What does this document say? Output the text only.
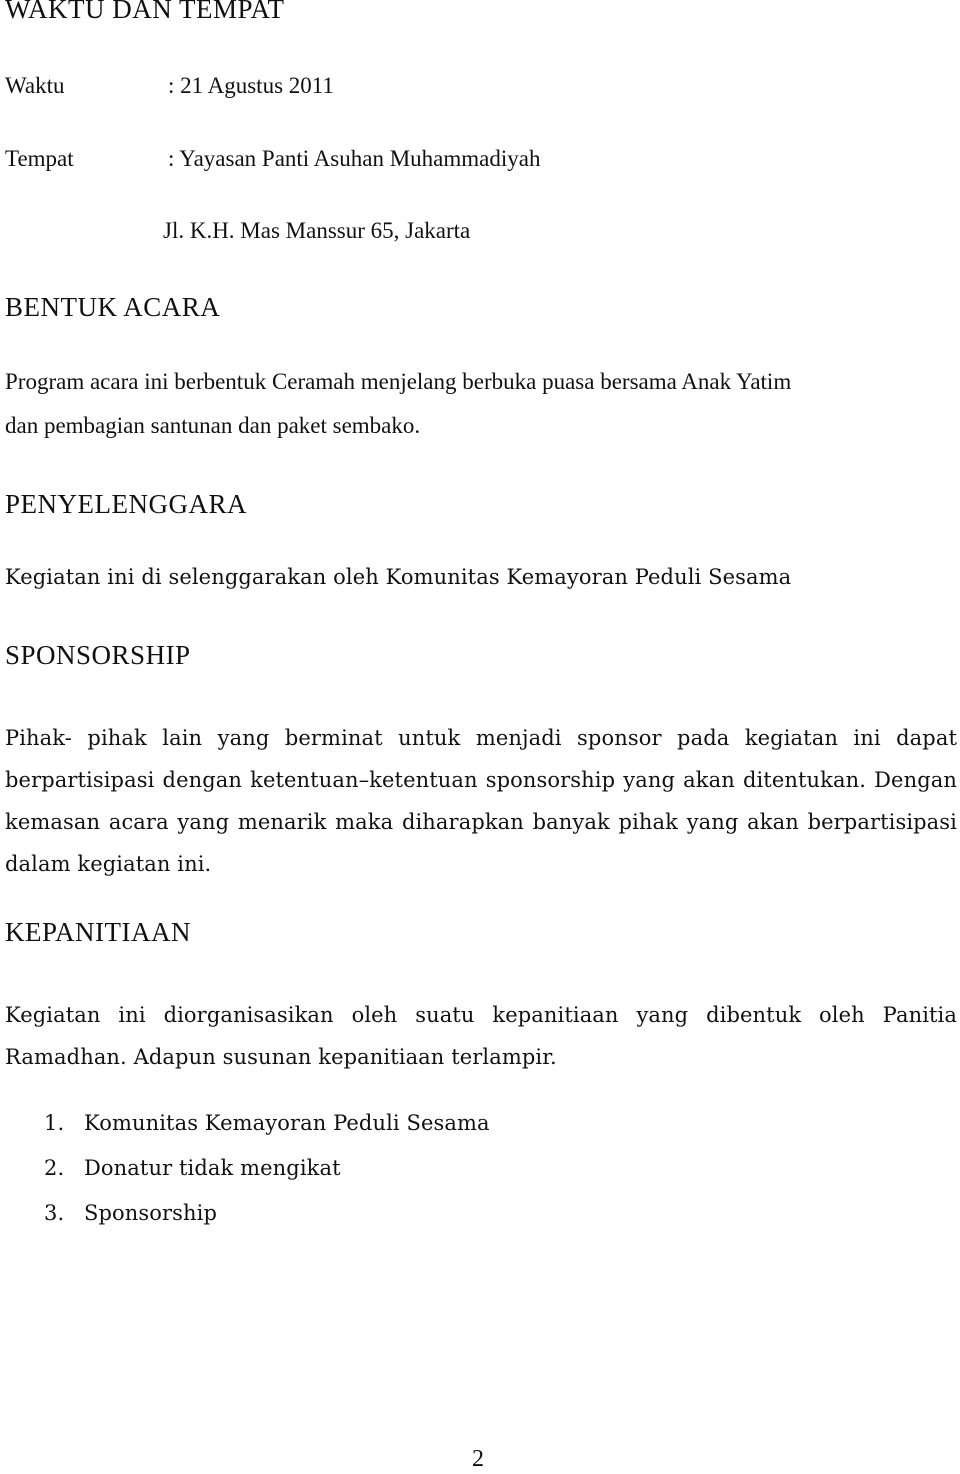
WAKTU DAN TEMPAT
Waktu	: 21 Agustus 2011
Tempat	: Yayasan Panti Asuhan Muhammadiyah
Jl. K.H. Mas Manssur 65, Jakarta
BENTUK ACARA
Program acara ini berbentuk Ceramah menjelang berbuka puasa bersama Anak Yatim
dan pembagian santunan dan paket sembako.
PENYELENGGARA
Kegiatan ini di selenggarakan oleh Komunitas Kemayoran Peduli Sesama
SPONSORSHIP
Pihak- pihak lain yang berminat untuk menjadi sponsor pada kegiatan ini dapat
berpartisipasi dengan ketentuan–ketentuan sponsorship yang akan ditentukan. Dengan
kemasan acara yang menarik maka diharapkan banyak pihak yang akan berpartisipasi
dalam kegiatan ini.
KEPANITIAAN
Kegiatan ini diorganisasikan oleh suatu kepanitiaan yang dibentuk oleh Panitia
Ramadhan. Adapun susunan kepanitiaan terlampir.
1. Komunitas Kemayoran Peduli Sesama
2. Donatur tidak mengikat
3. Sponsorship
2
